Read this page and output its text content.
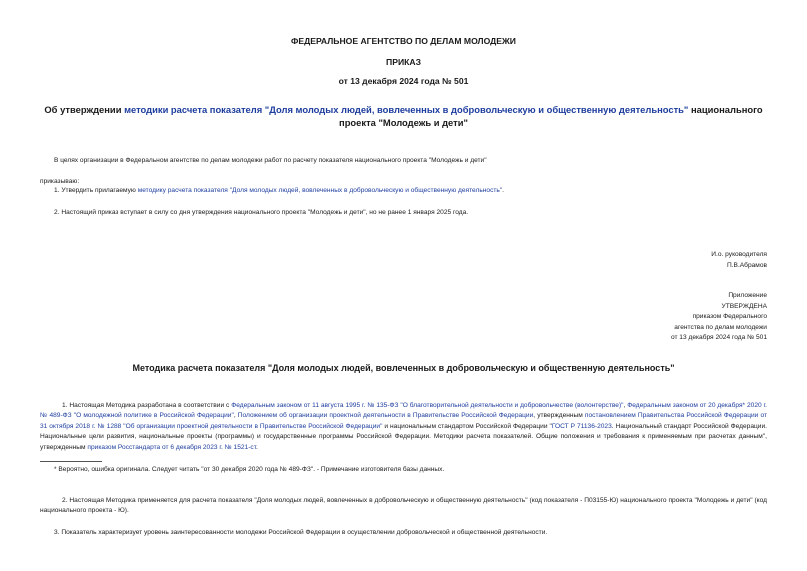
ФЕДЕРАЛЬНОЕ АГЕНТСТВО ПО ДЕЛАМ МОЛОДЕЖИ
ПРИКАЗ
от 13 декабря 2024 года № 501
Об утверждении методики расчета показателя "Доля молодых людей, вовлеченных в добровольческую и общественную деятельность" национального проекта "Молодежь и дети"
В целях организации в Федеральном агентстве по делам молодежи работ по расчету показателя национального проекта "Молодежь и дети"
приказываю:
1. Утвердить прилагаемую методику расчета показателя "Доля молодых людей, вовлеченных в добровольческую и общественную деятельность".
2. Настоящий приказ вступает в силу со дня утверждения национального проекта "Молодежь и дети", но не ранее 1 января 2025 года.
И.о. руководителя
П.В.Абрамов
Приложение
УТВЕРЖДЕНА
приказом Федерального
агентства по делам молодежи
от 13 декабря 2024 года № 501
Методика расчета показателя "Доля молодых людей, вовлеченных в добровольческую и общественную деятельность"
1. Настоящая Методика разработана в соответствии с Федеральным законом от 11 августа 1995 г. № 135-ФЗ "О благотворительной деятельности и добровольчестве (волонтерстве)", Федеральным законом от 20 декабря* 2020 г. № 489-ФЗ "О молодежной политике в Российской Федерации", Положением об организации проектной деятельности в Правительстве Российской Федерации, утвержденным постановлением Правительства Российской Федерации от 31 октября 2018 г. № 1288 "Об организации проектной деятельности в Правительстве Российской Федерации" и национальным стандартом Российской Федерации "ГОСТ Р 71136-2023. Национальный стандарт Российской Федерации. Национальные цели развития, национальные проекты (программы) и государственные программы Российской Федерации. Методики расчета показателей. Общие положения и требования к применяемым при расчетах данным", утвержденным приказом Росстандарта от 6 декабря 2023 г. № 1521-ст.
* Вероятно, ошибка оригинала. Следует читать "от 30 декабря 2020 года № 489-ФЗ". - Примечание изготовителя базы данных.
2. Настоящая Методика применяется для расчета показателя "Доля молодых людей, вовлеченных в добровольческую и общественную деятельность" (код показателя - П03155-Ю) национального проекта "Молодежь и дети" (код национального проекта - Ю).
3. Показатель характеризует уровень заинтересованности молодежи Российской Федерации в осуществлении добровольческой и общественной деятельности.
